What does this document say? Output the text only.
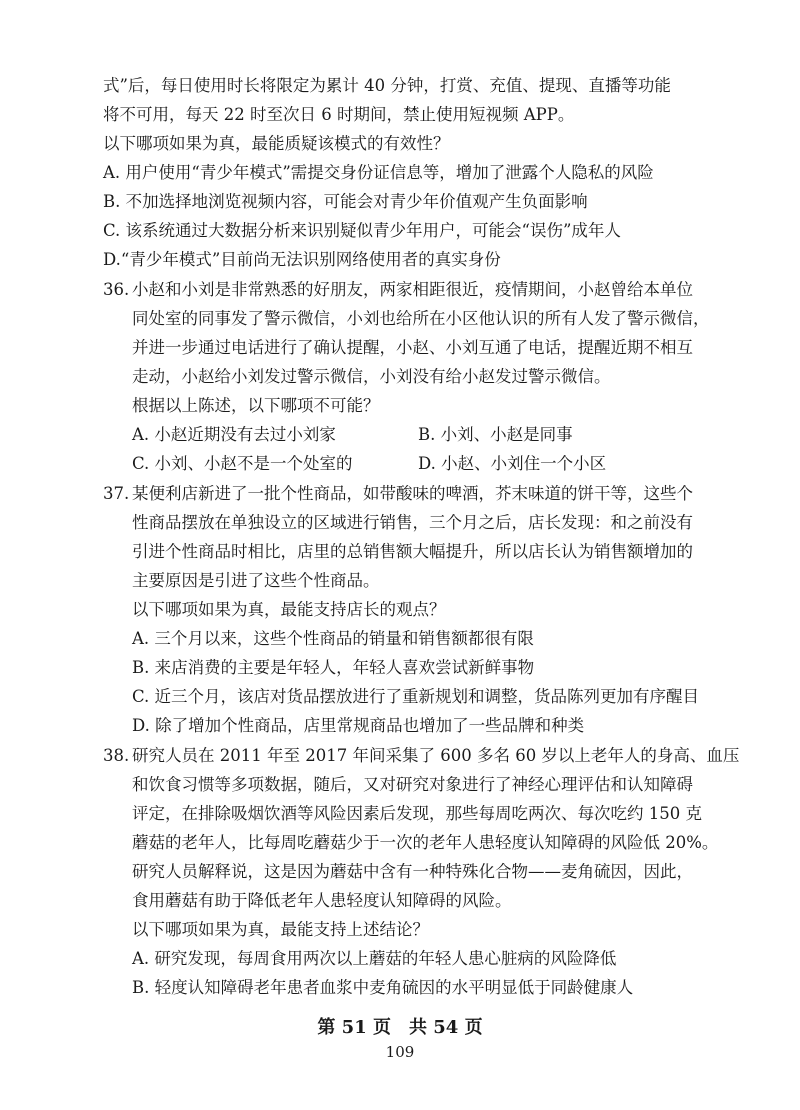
式”后，每日使用时长将限定为累计 40 分钟，打赏、充值、提现、直播等功能
将不可用，每天 22 时至次日 6 时期间，禁止使用短视频 APP。
以下哪项如果为真，最能质疑该模式的有效性？
A. 用户使用“青少年模式”需提交身份证信息等，增加了泄露个人隐私的风险
B. 不加选择地浏览视频内容，可能会对青少年价值观产生负面影响
C. 该系统通过大数据分析来识别疑似青少年用户，可能会“误伤”成年人
D.“青少年模式”目前尚无法识别网络使用者的真实身份
36. 小赵和小刘是非常熟悉的好朋友，两家相距很近，疫情期间，小赵曾给本单位
同处室的同事发了警示微信，小刘也给所在小区他认识的所有人发了警示微信，
并进一步通过电话进行了确认提醒，小赵、小刘互通了电话，提醒近期不相互
走动，小赵给小刘发过警示微信，小刘没有给小赵发过警示微信。
根据以上陈述，以下哪项不可能？
A. 小赵近期没有去过小刘家	B. 小刘、小赵是同事
C. 小刘、小赵不是一个处室的	D. 小赵、小刘住一个小区
37. 某便利店新进了一批个性商品，如带酸味的啤酒，芥末味道的饼干等，这些个
性商品摆放在单独设立的区域进行销售，三个月之后，店长发现：和之前没有
引进个性商品时相比，店里的总销售额大幅提升，所以店长认为销售额增加的
主要原因是引进了这些个性商品。
以下哪项如果为真，最能支持店长的观点？
A. 三个月以来，这些个性商品的销量和销售额都很有限
B. 来店消费的主要是年轻人，年轻人喜欢尝试新鲜事物
C. 近三个月，该店对货品摆放进行了重新规划和调整，货品陈列更加有序醒目
D. 除了增加个性商品，店里常规商品也增加了一些品牌和种类
38. 研究人员在 2011 年至 2017 年间采集了 600 多名 60 岁以上老年人的身高、血压
和饮食习惯等多项数据，随后，又对研究对象进行了神经心理评估和认知障碍
评定，在排除吸烟饮酒等风险因素后发现，那些每周吃两次、每次吃约 150 克
蘑菇的老年人，比每周吃蘑菇少于一次的老年人患轻度认知障碍的风险低 20%。
研究人员解释说，这是因为蘑菇中含有一种特殊化合物——麦角硫因，因此，
食用蘑菇有助于降低老年人患轻度认知障碍的风险。
以下哪项如果为真，最能支持上述结论？
A. 研究发现，每周食用两次以上蘑菇的年轻人患心脏病的风险降低
B. 轻度认知障碍老年患者血浆中麦角硫因的水平明显低于同龄健康人
第 51 页　共 54 页
109
